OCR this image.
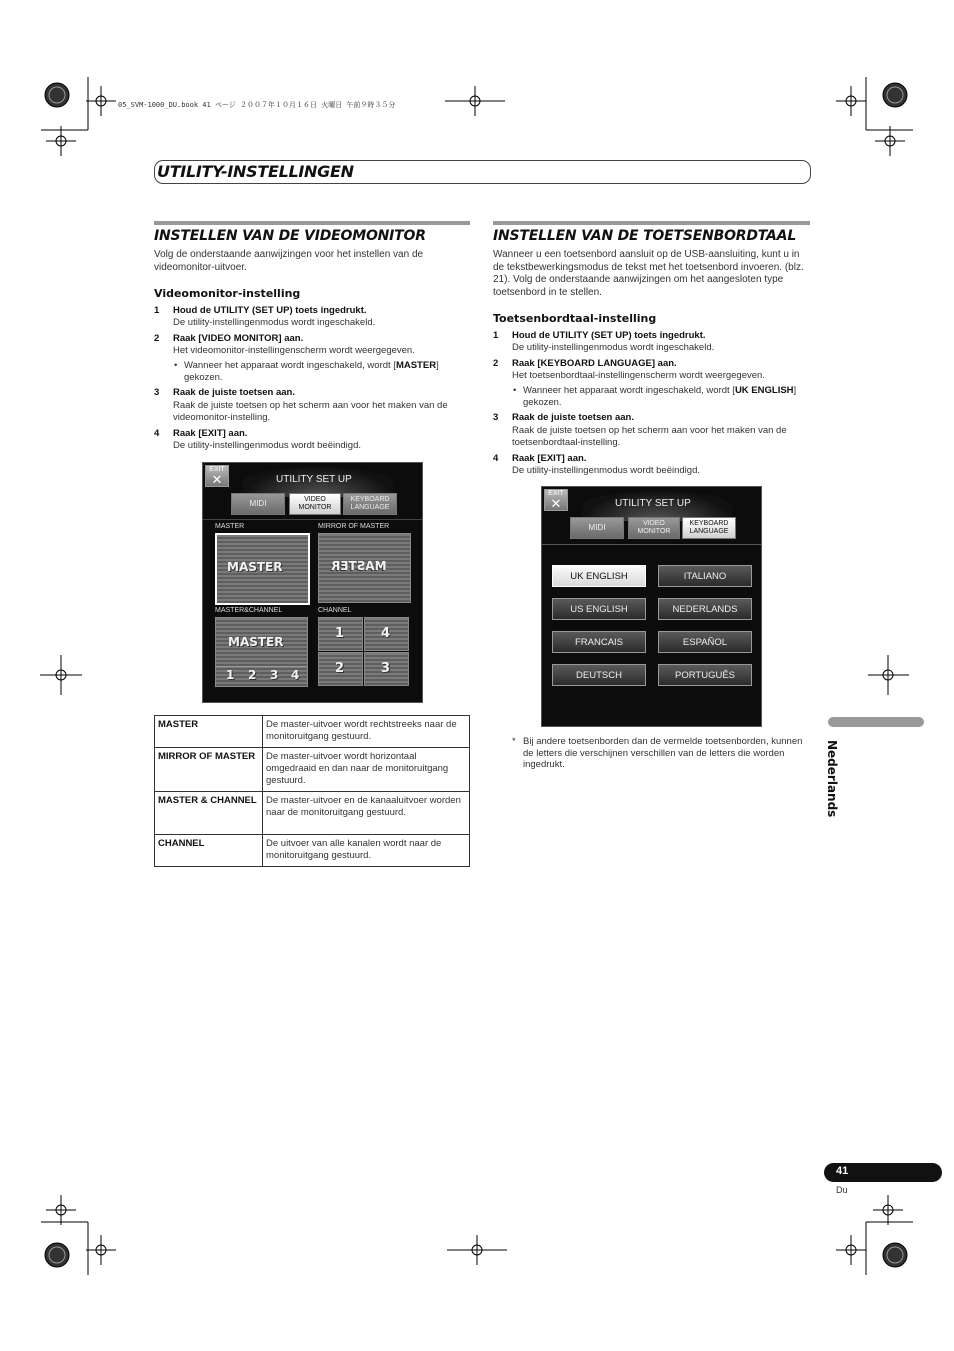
05_SVM-1000_DU.book 41 ページ ２００７年１０月１６日 火曜日 午前９時３５分
UTILITY-INSTELLINGEN
INSTELLEN VAN DE VIDEOMONITOR
Volg de onderstaande aanwijzingen voor het instellen van de videomonitor-uitvoer.
Videomonitor-instelling
1 Houd de UTILITY (SET UP) toets ingedrukt.
De utility-instellingenmodus wordt ingeschakeld.
2 Raak [VIDEO MONITOR] aan.
Het videomonitor-instellingenscherm wordt weergegeven.
• Wanneer het apparaat wordt ingeschakeld, wordt [MASTER] gekozen.
3 Raak de juiste toetsen aan.
Raak de juiste toetsen op het scherm aan voor het maken van de videomonitor-instelling.
4 Raak [EXIT] aan.
De utility-instellingenmodus wordt beëindigd.
EXIT
✕	UTILITY SET UP
MIDI	VIDEO MONITOR
KEYBOARD LANGUAGE
MASTER	MIRROR OF MASTER
MASTER	MASTER
MASTER&CHANNEL	CHANNEL
MASTER
1 2 3 4
1	4
2	3
MASTER	De master-uitvoer wordt rechtstreeks naar de monitoruitgang gestuurd.
MIRROR OF MASTER	De master-uitvoer wordt horizontaal omgedraaid en dan naar de monitoruitgang gestuurd.
MASTER & CHANNEL	De master-uitvoer en de kanaaluitvoer worden naar de monitoruitgang gestuurd.
CHANNEL	De uitvoer van alle kanalen wordt naar de monitoruitgang gestuurd.
INSTELLEN VAN DE TOETSENBORDTAAL
Wanneer u een toetsenbord aansluit op de USB-aansluiting, kunt u in de tekstbewerkingsmodus de tekst met het toetsenbord invoeren. (blz. 21). Volg de onderstaande aanwijzingen om het aangesloten type toetsenbord in te stellen.
Toetsenbordtaal-instelling
1 Houd de UTILITY (SET UP) toets ingedrukt.
De utility-instellingenmodus wordt ingeschakeld.
2 Raak [KEYBOARD LANGUAGE] aan.
Het toetsenbordtaal-instellingenscherm wordt weergegeven.
• Wanneer het apparaat wordt ingeschakeld, wordt [UK ENGLISH] gekozen.
3 Raak de juiste toetsen aan.
Raak de juiste toetsen op het scherm aan voor het maken van de toetsenbordtaal-instelling.
4 Raak [EXIT] aan.
De utility-instellingenmodus wordt beëindigd.
EXIT
✕	UTILITY SET UP
MIDI	VIDEO MONITOR
KEYBOARD LANGUAGE
UK ENGLISH	ITALIANO
US ENGLISH	NEDERLANDS
FRANCAIS	ESPAÑOL
DEUTSCH	PORTUGUÊS
* Bij andere toetsenborden dan de vermelde toetsenborden, kunnen de letters die verschijnen verschillen van de letters die worden ingedrukt.	Nederlands
41
Du
